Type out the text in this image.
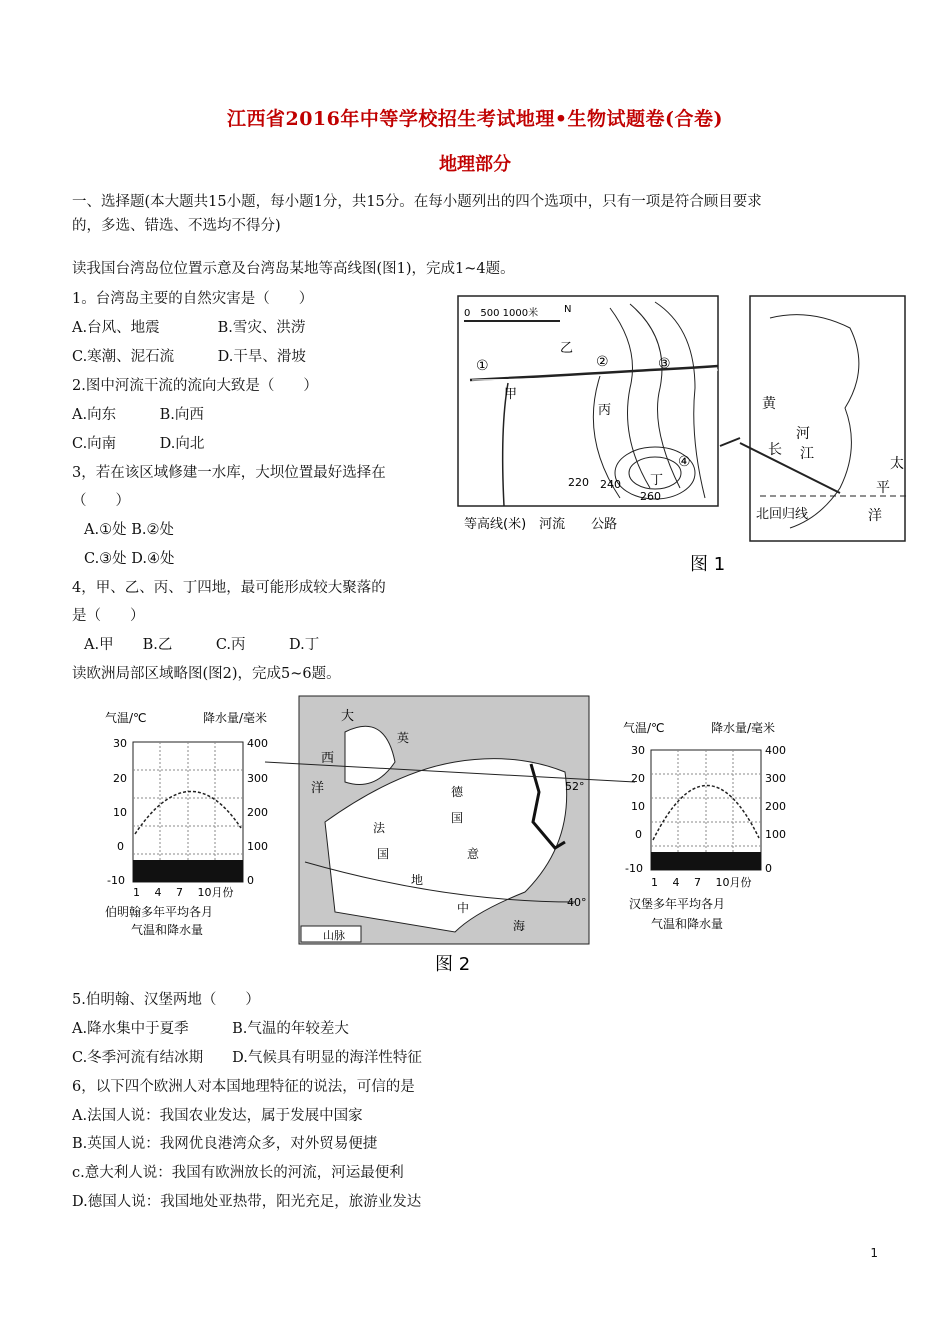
江西省2016年中等学校招生考试地理•生物试题卷(合卷)
地理部分
一、选择题(本大题共15小题，每小题1分，共15分。在每小题列出的四个选项中，只有一项是符合顾目要求
的，多选、错选、不选均不得分)
读我国台湾岛位位置示意及台湾岛某地等高线图(图1)，完成1~4题。
1。台湾岛主要的自然灾害是（　　）
A.台风、地震　　　　B.雪灾、洪涝
C.寒潮、泥石流　　　D.干旱、滑坡
2.图中河流干流的流向大致是（　　）
A.向东　　　B.向西
C.向南　　　D.向北
3，若在该区域修建一水库，大坝位置最好选择在
（　　）
A.①处 B.②处
C.③处 D.④处
4，甲、乙、丙、丁四地，最可能形成较大聚落的
是（　　）
A.甲　　B.乙　　　C.丙　　　D.丁
读欧洲局部区域略图(图2)，完成5~6题。
0　500 1000米	N
①	②	③
④
甲
乙
丙
丁
220 240
260
等高线(米)　河流　　公路
黄
河
长 江
太
平
洋
北回归线
图 1
气温/℃	降水量/毫米
30
20
10
0
-10
400
300
200
100
0
1　 4　 7　 10月份
伯明翰多年平均各月
气温和降水量
大
西
洋
英
德
国
法
国	意
地
中
海
52°
40°
山脉
图 2
气温/℃	降水量/毫米
30
20
10
0
-10
400
300
200
100
0
1　 4　 7　 10月份
汉堡多年平均各月
气温和降水量
5.伯明翰、汉堡两地（　　）
A.降水集中于夏季　　　B.气温的年较差大
C.冬季河流有结冰期　　D.气候具有明显的海洋性特征
6，以下四个欧洲人对本国地理特征的说法，可信的是
A.法国人说：我国农业发达，属于发展中国家
B.英国人说：我网优良港湾众多，对外贸易便捷
c.意大利人说：我国有欧洲放长的河流，河运最便利
D.德国人说：我国地处亚热带，阳光充足，旅游业发达
1
